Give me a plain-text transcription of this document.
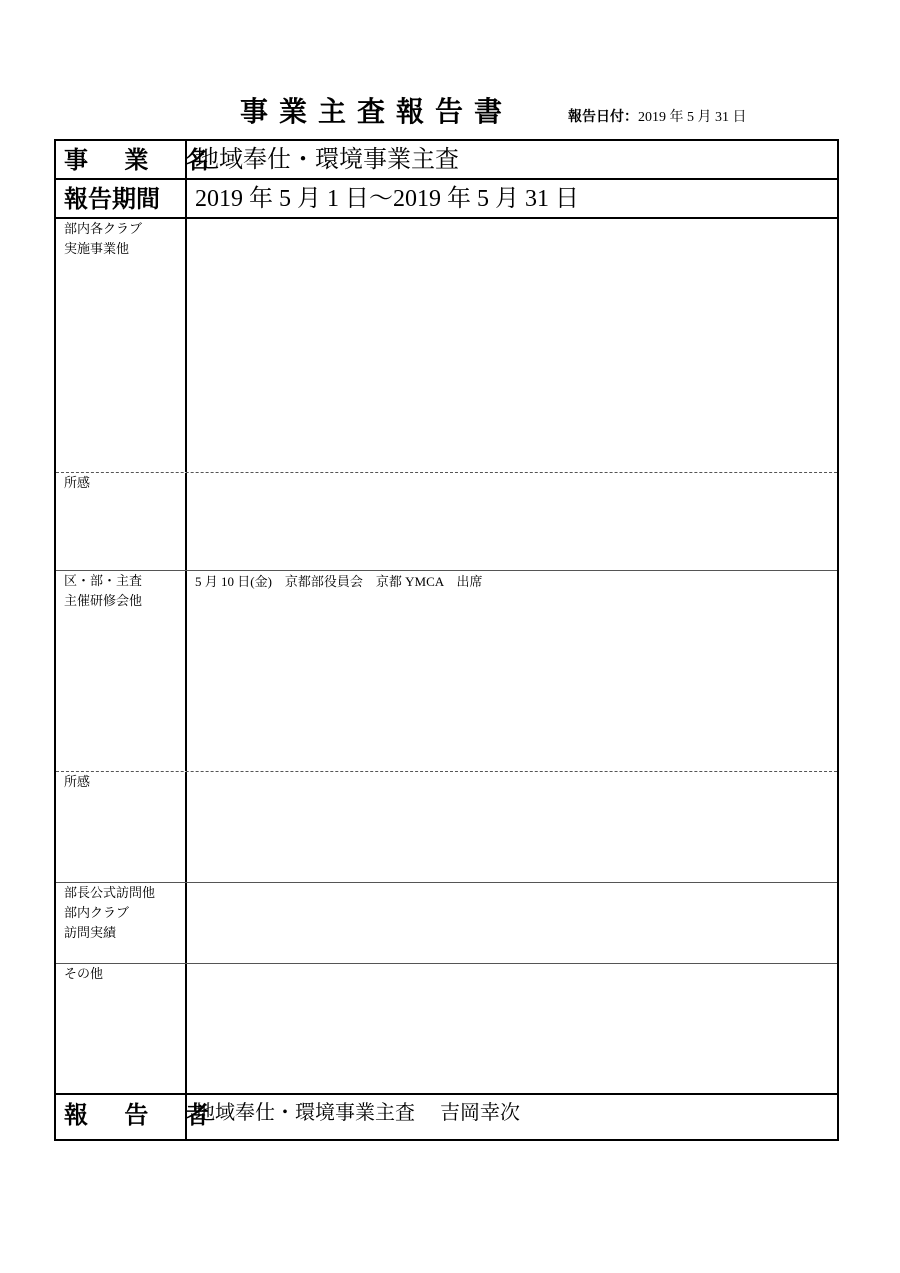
事業主査報告書	報告日付：2019 年 5 月 31 日
事 業 名
地域奉仕・環境事業主査
報告期間	2019 年 5 月 1 日～2019 年 5 月 31 日
部内各クラブ
実施事業他
所感
区・部・主査
主催研修会他
5 月 10 日(金)　京都部役員会　京都 YMCA　出席
所感
部長公式訪問他
部内クラブ
訪問実績
その他
報 告 者
地域奉仕・環境事業主査　 吉岡幸次
